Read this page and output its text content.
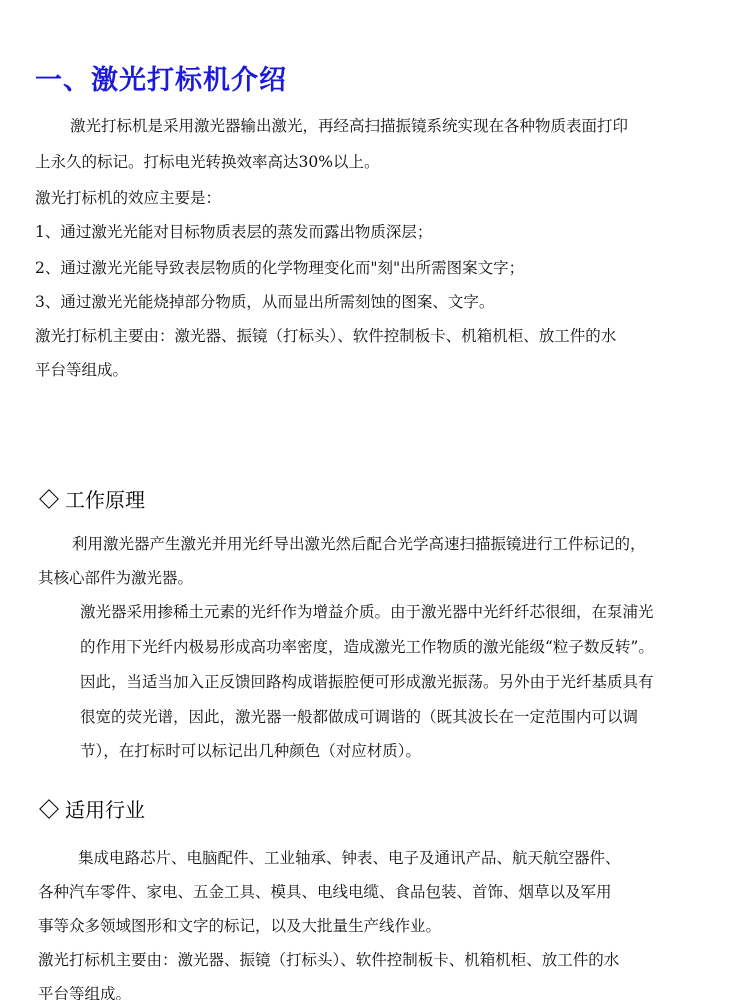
一、激光打标机介绍

激光打标机是采用激光器输出激光，再经高扫描振镜系统实现在各种物质表面打印

上永久的标记。打标电光转换效率高达30%以上。

激光打标机的效应主要是：

1、通过激光光能对目标物质表层的蒸发而露出物质深层；

2、通过激光光能导致表层物质的化学物理变化而"刻"出所需图案文字；

3、通过激光光能烧掉部分物质，从而显出所需刻蚀的图案、文字。

激光打标机主要由：激光器、振镜（打标头）、软件控制板卡、机箱机柜、放工件的水

平台等组成。

工作原理

利用激光器产生激光并用光纤导出激光然后配合光学高速扫描振镜进行工件标记的，

其核心部件为激光器。

激光器采用掺稀土元素的光纤作为增益介质。由于激光器中光纤纤芯很细，在泵浦光

的作用下光纤内极易形成高功率密度，造成激光工作物质的激光能级“粒子数反转”。

因此，当适当加入正反馈回路构成谐振腔便可形成激光振荡。另外由于光纤基质具有

很宽的荧光谱，因此，激光器一般都做成可调谐的（既其波长在一定范围内可以调

节），在打标时可以标记出几种颜色（对应材质）。

适用行业

集成电路芯片、电脑配件、工业轴承、钟表、电子及通讯产品、航天航空器件、

各种汽车零件、家电、五金工具、模具、电线电缆、食品包装、首饰、烟草以及军用

事等众多领域图形和文字的标记，以及大批量生产线作业。

激光打标机主要由：激光器、振镜（打标头）、软件控制板卡、机箱机柜、放工件的水

平台等组成。
